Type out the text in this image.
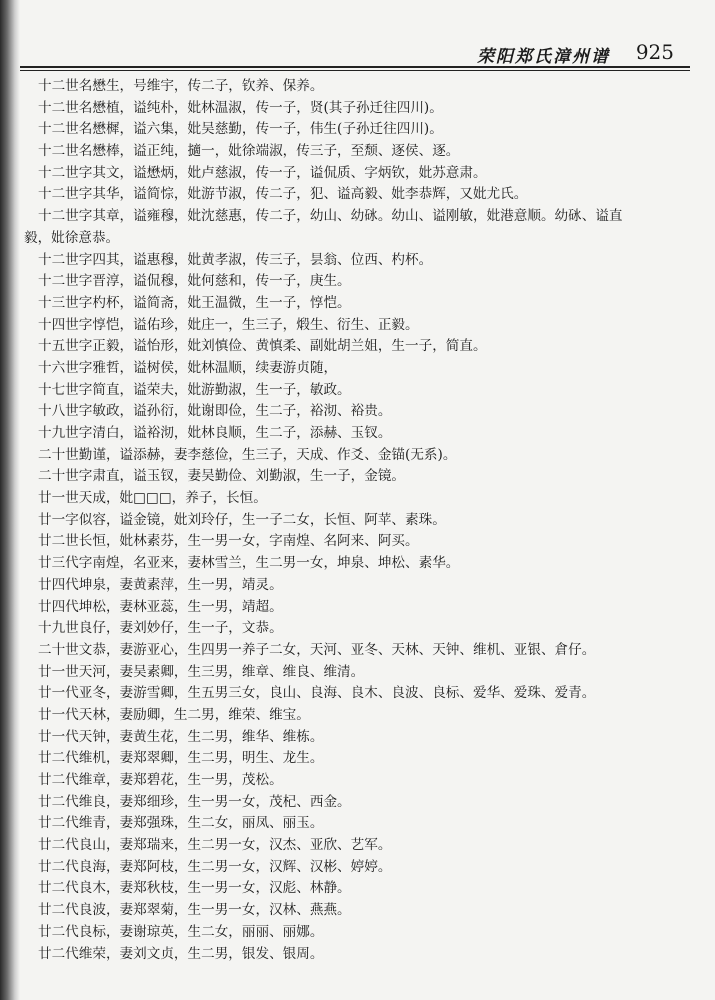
荣阳郑氏漳州谱 925
十二世名懋生，号维宇，传二子，钦养、保养。
十二世名懋植，谥纯朴，妣林温淑，传一子，贤(其子孙迁往四川)。
十二世名懋樨，谥六集，妣吴慈勤，传一子，伟生(子孙迁往四川)。
十二世名懋棒，谥正纯，擿一，妣徐端淑，传三子，至颓、逐侯、逐。
十二世字其文，谥懋炳，妣卢慈淑，传一子，谥侃质、字炳钦，妣苏意肃。
十二世字其华，谥简悰，妣游节淑，传二子，犯、谥高毅、妣李恭辉，又妣尤氏。
十二世字其章，谥雍穆，妣沈慈惠，传二子，幼山、幼砯。幼山、谥刚敏，妣港意顺。幼砯、谥直
毅，妣徐意恭。
十二世字四其，谥惠穆，妣黄孝淑，传三子，昙翁、位西、杓杯。
十二世字晋淳，谥侃穆，妣何慈和，传一子，庚生。
十三世字杓杯，谥简斋，妣王温微，生一子，惇恺。
十四世字惇恺，谥佑珍，妣庄一，生三子，煅生、衍生、正毅。
十五世字正毅，谥怡形，妣刘慎俭、黄慎柔、副妣胡兰姐，生一子，简直。
十六世字雅哲，谥树侯，妣林温顺，续妻游贞随，
十七世字简直，谥荣夫，妣游勤淑，生一子，敏政。
十八世字敏政，谥孙衍，妣谢即俭，生二子，裕沏、裕贵。
十九世字清白，谥裕沏，妣林良顺，生二子，添赫、玉钗。
二十世勤谨，谥添赫，妻李慈俭，生三子，天成、作爻、金锚(无系)。
二十世字肃直，谥玉钗，妻吴勤俭、刘勤淑，生一子，金镜。
廿一世天成，妣□□□，养子，长恒。
廿一字似容，谥金镜，妣刘玲仔，生一子二女，长恒、阿苹、素珠。
廿二世长恒，妣林素芬，生一男一女，字南煌、名阿来、阿买。
廿三代字南煌，名亚来，妻林雪兰，生二男一女，坤泉、坤松、素华。
廿四代坤泉，妻黄素萍，生一男，靖灵。
廿四代坤松，妻林亚蕊，生一男，靖超。
十九世良仔，妻刘妙仔，生一子，文恭。
二十世文恭，妻游亚心，生四男一养子二女，天河、亚冬、天林、天钟、维机、亚银、倉仔。
廿一世天河，妻吴素卿，生三男，维章、维良、维清。
廿一代亚冬，妻游雪卿，生五男三女，良山、良海、良木、良波、良标、爱华、爱珠、爱青。
廿一代天林，妻励卿，生二男，维荣、维宝。
廿一代天钟，妻黄生花，生二男，维华、维栋。
廿二代维机，妻郑翠卿，生二男，明生、龙生。
廿二代维章，妻郑碧花，生一男，茂松。
廿二代维良，妻郑细珍，生一男一女，茂杞、西金。
廿二代维青，妻郑强珠，生二女，丽凤、丽玉。
廿二代良山，妻郑瑞来，生二男一女，汉杰、亚欣、艺军。
廿二代良海，妻郑阿枝，生二男一女，汉辉、汉彬、婷婷。
廿二代良木，妻郑秋枝，生一男一女，汉彪、林静。
廿二代良波，妻郑翠菊，生一男一女，汉林、燕燕。
廿二代良标，妻谢琼英，生二女，丽丽、丽娜。
廿二代维荣，妻刘文贞，生二男，银发、银周。
